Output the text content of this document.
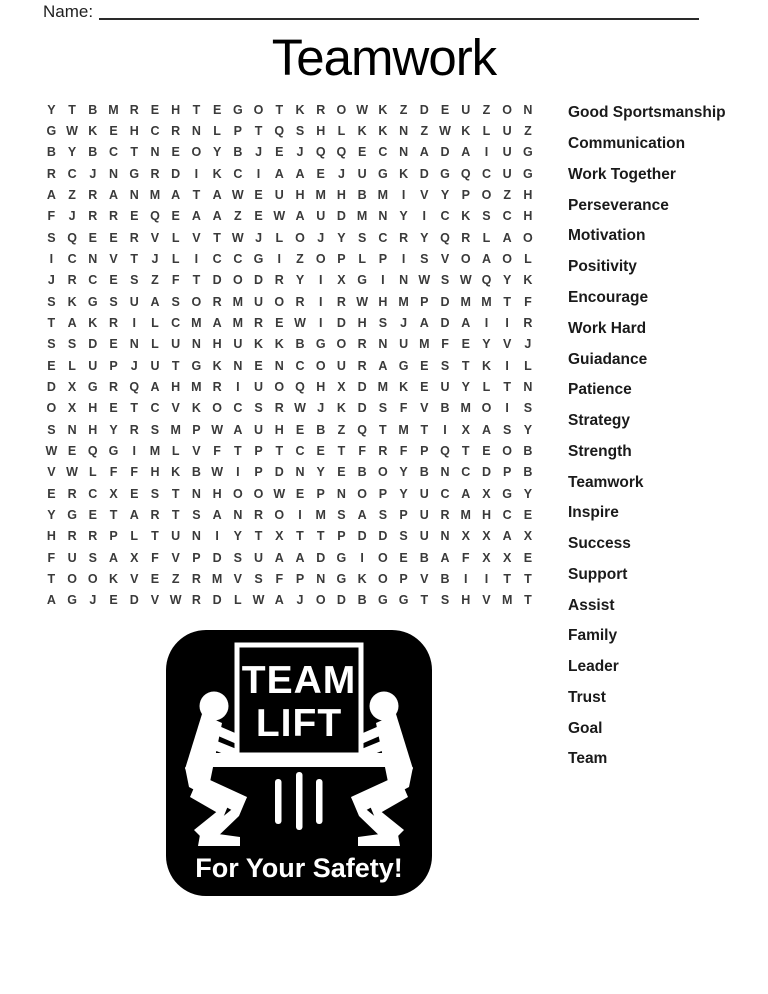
Name:
Teamwork
Y	T B M R E H T	E G O T K R O W K Z D E U Z O N
G W K E H C R N L	P	T Q S H L K K N Z W K L U Z
B Y B C T N E O Y B	J	E	J Q Q E C N A D A	I	U G
R C	J	N G R D	I	K C	I	A A E	J	U G K D G Q C U G
A Z R A N M A T A W E U H M H B M	I	V Y P O Z H
F	J	R R E Q E A A Z	E W A U D M N Y	I	C K S C H
S Q E E R V	L	V	T W J	L O J	Y S C R Y Q R L A O
I	C N V	T	J	L	I	C C G	I	Z O P	L	P	I	S V O A O L
J	R C E S	Z	F	T D O D R Y	I	X G	I	N W S W Q Y K
S K G S U A S O R M U O R	I	R W H M P D M M T	F
T A K R	I	L C M A M R E W	I	D H S	J	A D A	I	I	R
S S D E N L U N H U K K B G O R N U M F	E Y V	J
E	L U P	J	U T G K N E N C O U R A G E S	T K	I	L
D X G R Q A H M R	I	U O Q H X D M K E U Y	L	T N
O X H E	T C V K O C S R W J	K D S	F	V B M O	I	S
S N H Y R S M P W A U H E B Z Q T M T	I	X A S Y
W E Q G	I	M L	V	F	T	P	T C E	T	F R F	P Q T	E O B
V W L	F	F H K B W	I	P D N Y E B O Y B N C D P B
E R C X E S	T N H O O W E P N O P Y U C A X G Y
Y G E	T A R T	S A N R O	I	M S A S P U R M H C E
H R R P	L	T U N	I	Y	T	X	T	T	P D D S U N X X A X
F U S A X	F	V P D S U A A D G	I	O E B A F	X X E
T O O K V E	Z R M V S	F	P N G K O P V B	I	I	T	T
A G J	E D V W R D L W A	J O D B G G T	S H V M T
Good Sportsmanship
Communication
Work Together
Perseverance
Motivation
Positivity
Encourage
Work Hard
Guiadance
Patience
Strategy
Strength
Teamwork
Inspire
Success
Support
Assist
Family
Leader
Trust
Goal
Team
TEAM
LIFT
For Your Safety!
